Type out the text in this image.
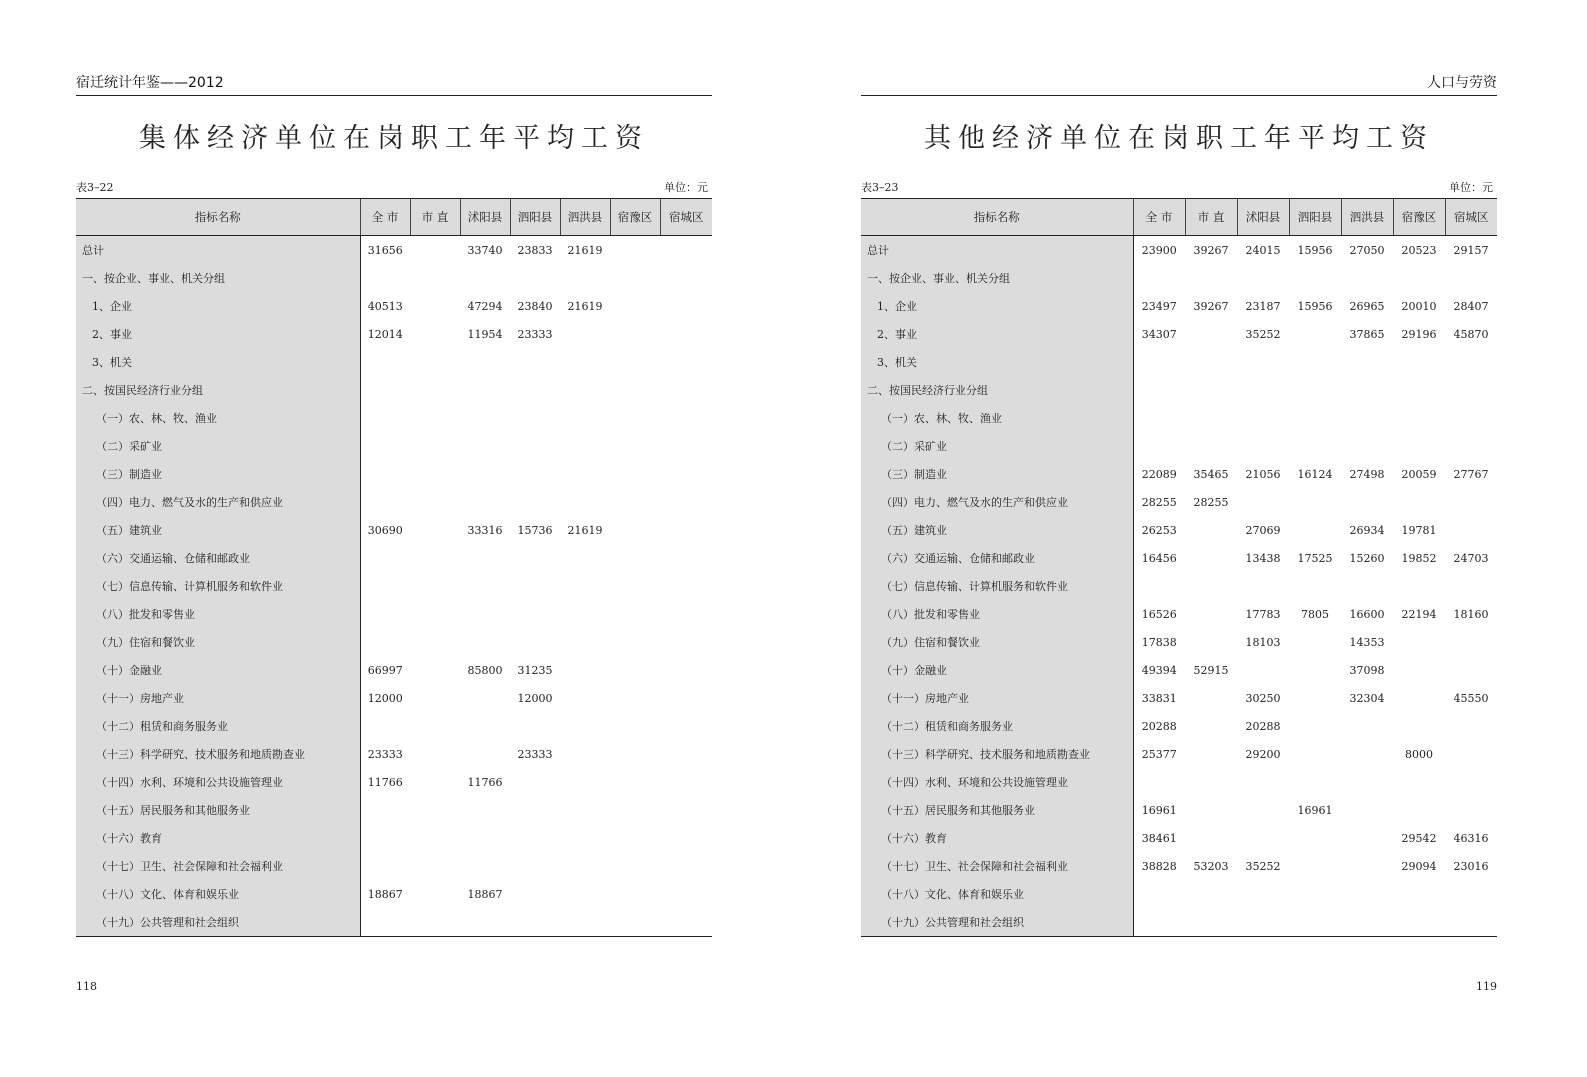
宿迁统计年鉴——2012
集体经济单位在岗职工年平均工资
表3–22	单位：元
指标名称	全 市	市 直	沭阳县	泗阳县	泗洪县	宿豫区	宿城区
总计	31656		33740	23833	21619		
一、按企业、事业、机关分组							
1、企业	40513		47294	23840	21619		
2、事业	12014		11954	23333			
3、机关							
二、按国民经济行业分组							
（一）农、林、牧、渔业							
（二）采矿业							
（三）制造业							
（四）电力、燃气及水的生产和供应业							
（五）建筑业	30690		33316	15736	21619		
（六）交通运输、仓储和邮政业							
（七）信息传输、计算机服务和软件业							
（八）批发和零售业							
（九）住宿和餐饮业							
（十）金融业	66997		85800	31235			
（十一）房地产业	12000			12000			
（十二）租赁和商务服务业							
（十三）科学研究、技术服务和地质勘查业	23333			23333			
（十四）水利、环境和公共设施管理业	11766		11766				
（十五）居民服务和其他服务业							
（十六）教育							
（十七）卫生、社会保障和社会福利业							
（十八）文化、体育和娱乐业	18867		18867				
（十九）公共管理和社会组织							
118
人口与劳资
其他经济单位在岗职工年平均工资
表3–23	单位：元
指标名称	全 市	市 直	沭阳县	泗阳县	泗洪县	宿豫区	宿城区
总计	23900	39267	24015	15956	27050	20523	29157
一、按企业、事业、机关分组							
1、企业	23497	39267	23187	15956	26965	20010	28407
2、事业	34307		35252		37865	29196	45870
3、机关							
二、按国民经济行业分组							
（一）农、林、牧、渔业							
（二）采矿业							
（三）制造业	22089	35465	21056	16124	27498	20059	27767
（四）电力、燃气及水的生产和供应业	28255	28255					
（五）建筑业	26253		27069		26934	19781	
（六）交通运输、仓储和邮政业	16456		13438	17525	15260	19852	24703
（七）信息传输、计算机服务和软件业							
（八）批发和零售业	16526		17783	7805	16600	22194	18160
（九）住宿和餐饮业	17838		18103		14353		
（十）金融业	49394	52915			37098		
（十一）房地产业	33831		30250		32304		45550
（十二）租赁和商务服务业	20288		20288				
（十三）科学研究、技术服务和地质勘查业	25377		29200			8000	
（十四）水利、环境和公共设施管理业							
（十五）居民服务和其他服务业	16961			16961			
（十六）教育	38461					29542	46316
（十七）卫生、社会保障和社会福利业	38828	53203	35252			29094	23016
（十八）文化、体育和娱乐业							
（十九）公共管理和社会组织							
119
